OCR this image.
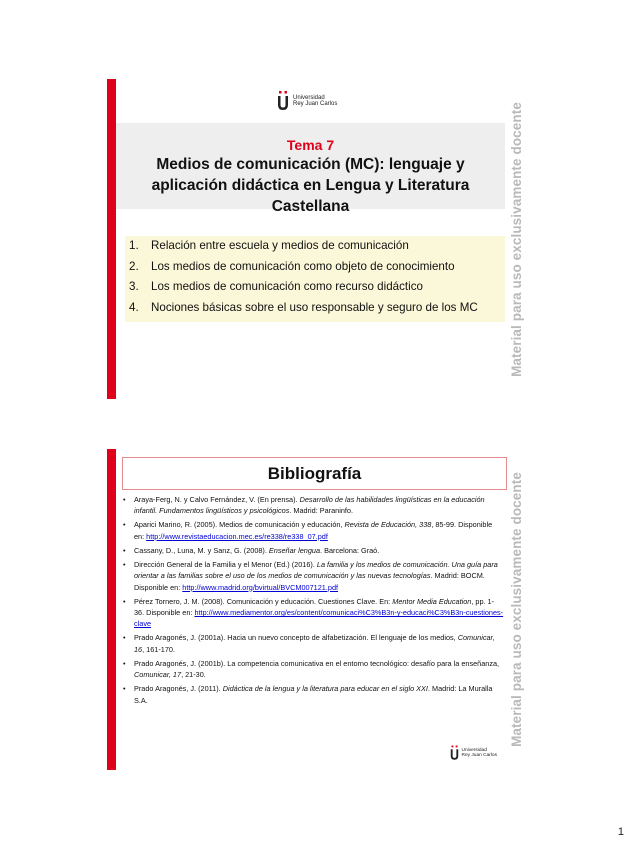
Universidad
Rey Juan Carlos
Tema 7
Medios de comunicación (MC): lenguaje y aplicación didáctica en Lengua y Literatura Castellana
1.	Relación entre escuela y medios de comunicación
2.	Los medios de comunicación como objeto de conocimiento
3.	Los medios de comunicación como recurso didáctico
4.	Nociones básicas sobre el uso responsable y seguro de los MC Material para uso exclusivamente docente
Bibliografía
• Araya-Ferg, N. y Calvo Fernández, V. (En prensa). Desarrollo de las habilidades lingüísticas en la educación infantil. Fundamentos lingüísticos y psicológicos. Madrid: Paraninfo.
• Aparici Marino, R. (2005). Medios de comunicación y educación, Revista de Educación, 338, 85-99. Disponible en: http://www.revistaeducacion.mec.es/re338/re338_07.pdf
• Cassany, D., Luna, M. y Sanz, G. (2008). Enseñar lengua. Barcelona: Graó.
• Dirección General de la Familia y el Menor (Ed.) (2016). La familia y los medios de comunicación. Una guía para orientar a las familias sobre el uso de los medios de comunicación y las nuevas tecnologías. Madrid: BOCM. Disponible en: http://www.madrid.org/bvirtual/BVCM007121.pdf
• Pérez Tornero, J. M. (2008). Comunicación y educación. Cuestiones Clave. En: Mentor Media Education, pp. 1-36. Disponible en: http://www.mediamentor.org/es/content/comunicaci%C3%B3n-y-educaci%C3%B3n-cuestiones-clave
• Prado Aragonés, J. (2001a). Hacia un nuevo concepto de alfabetización. El lenguaje de los medios, Comunicar, 16, 161-170.
• Prado Aragonés, J. (2001b). La competencia comunicativa en el entorno tecnológico: desafío para la enseñanza, Comunicar, 17, 21-30.
• Prado Aragonés, J. (2011). Didáctica de la lengua y la literatura para educar en el siglo XXI. Madrid: La Muralla S.A.
Universidad
Rey Juan Carlos
Material para uso exclusivamente docente
1
